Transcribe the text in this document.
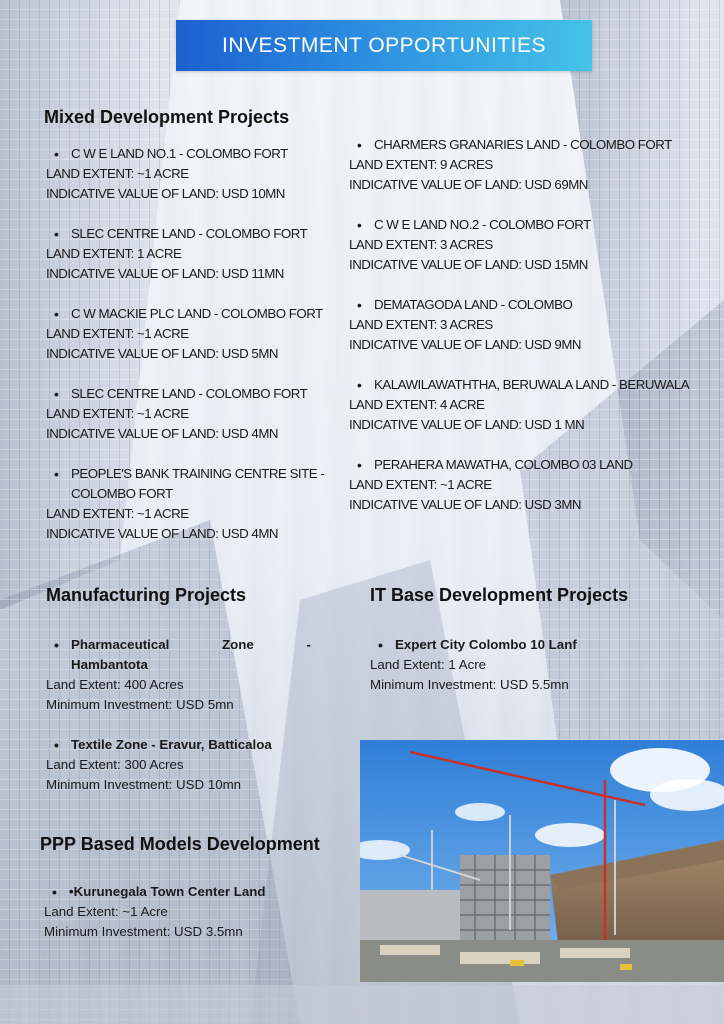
INVESTMENT OPPORTUNITIES
Mixed Development Projects
• C W E LAND NO.1 - COLOMBO FORT
LAND EXTENT: ~1 ACRE
INDICATIVE VALUE OF LAND: USD 10MN
• SLEC CENTRE LAND - COLOMBO FORT
LAND EXTENT: 1 ACRE
INDICATIVE VALUE OF LAND: USD 11MN
• C W MACKIE PLC LAND - COLOMBO FORT
LAND EXTENT: ~1 ACRE
INDICATIVE VALUE OF LAND: USD 5MN
• SLEC CENTRE LAND - COLOMBO FORT
LAND EXTENT: ~1 ACRE
INDICATIVE VALUE OF LAND: USD 4MN
• PEOPLE'S BANK TRAINING CENTRE SITE - COLOMBO FORT
LAND EXTENT: ~1 ACRE
INDICATIVE VALUE OF LAND: USD 4MN
• CHARMERS GRANARIES LAND - COLOMBO FORT
LAND EXTENT: 9 ACRES
INDICATIVE VALUE OF LAND: USD 69MN
• C W E LAND NO.2 - COLOMBO FORT
LAND EXTENT: 3 ACRES
INDICATIVE VALUE OF LAND: USD 15MN
• DEMATAGODA LAND - COLOMBO
LAND EXTENT: 3 ACRES
INDICATIVE VALUE OF LAND: USD 9MN
• KALAWILAWATHTHA, BERUWALA LAND - BERUWALA
LAND EXTENT: 4 ACRE
INDICATIVE VALUE OF LAND: USD 1 MN
• PERAHERA MAWATHA, COLOMBO 03 LAND
LAND EXTENT: ~1 ACRE
INDICATIVE VALUE OF LAND: USD 3MN
Manufacturing Projects
• Pharmaceutical	Zone	-
Hambantota
Land Extent: 400 Acres
Minimum Investment: USD 5mn
• Textile Zone - Eravur, Batticaloa
Land Extent: 300 Acres
Minimum Investment: USD 10mn
IT Base Development Projects
• Expert City Colombo 10 Lanf
Land Extent: 1 Acre
Minimum Investment: USD 5.5mn
PPP Based Models Development
• •Kurunegala Town Center Land
Land Extent: ~1 Acre
Minimum Investment: USD 3.5mn
